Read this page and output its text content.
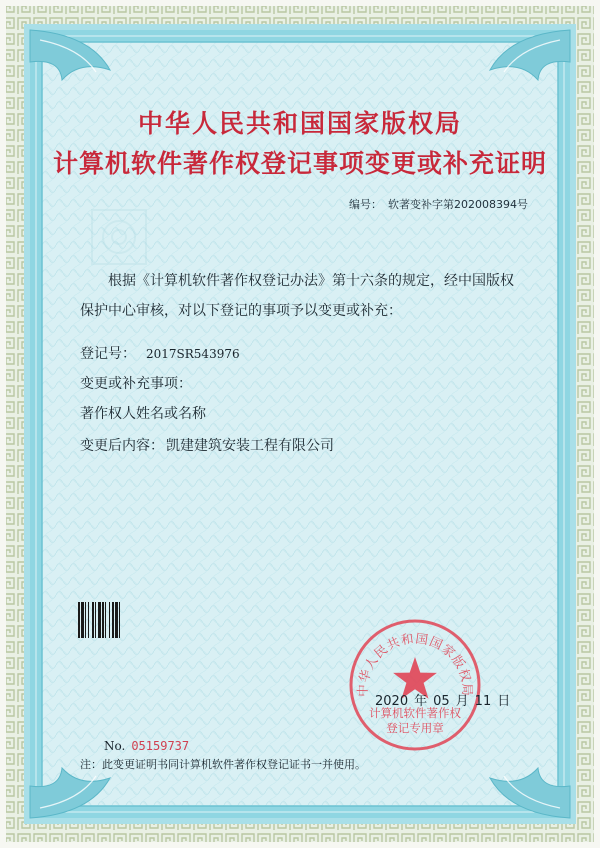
中华人民共和国国家版权局
计算机软件著作权登记事项变更或补充证明
编号： 软著变补字第202008394号
根据《计算机软件著作权登记办法》第十六条的规定，经中国版权保护中心审核，对以下登记的事项予以变更或补充：
登记号： 2017SR543976
变更或补充事项：
著作权人姓名或名称
变更后内容： 凯建建筑安装工程有限公司
中华人民共和国国家版权局
计算机软件著作权
登记专用章
2020 年 05 月 11 日
No. 05159737
注：此变更证明书同计算机软件著作权登记证书一并使用。
